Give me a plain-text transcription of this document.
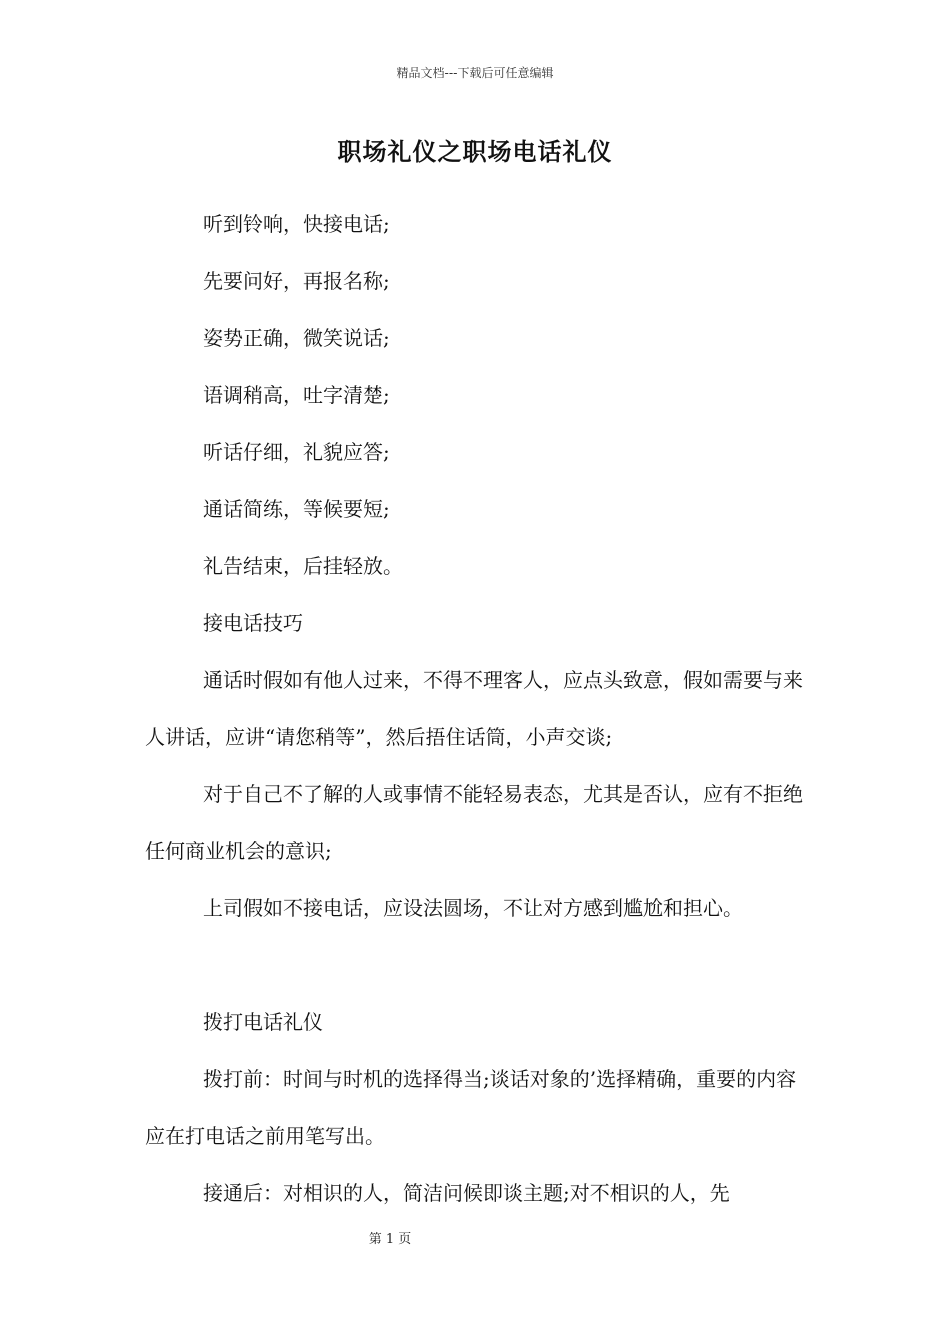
精品文档---下载后可任意编辑
职场礼仪之职场电话礼仪

听到铃响，快接电话;

先要问好，再报名称;

姿势正确，微笑说话;

语调稍高，吐字清楚;

听话仔细，礼貌应答;

通话简练，等候要短;

礼告结束，后挂轻放。

接电话技巧

通话时假如有他人过来，不得不理客人，应点头致意，假如需要与来人讲话，应讲“请您稍等”，然后捂住话筒，小声交谈;

对于自己不了解的人或事情不能轻易表态，尤其是否认，应有不拒绝任何商业机会的意识;

上司假如不接电话，应设法圆场，不让对方感到尴尬和担心。

拨打电话礼仪

拨打前：时间与时机的选择得当;谈话对象的’选择精确，重要的内容应在打电话之前用笔写出。

接通后：对相识的人，简洁问候即谈主题;对不相识的人，先

第 1 页
